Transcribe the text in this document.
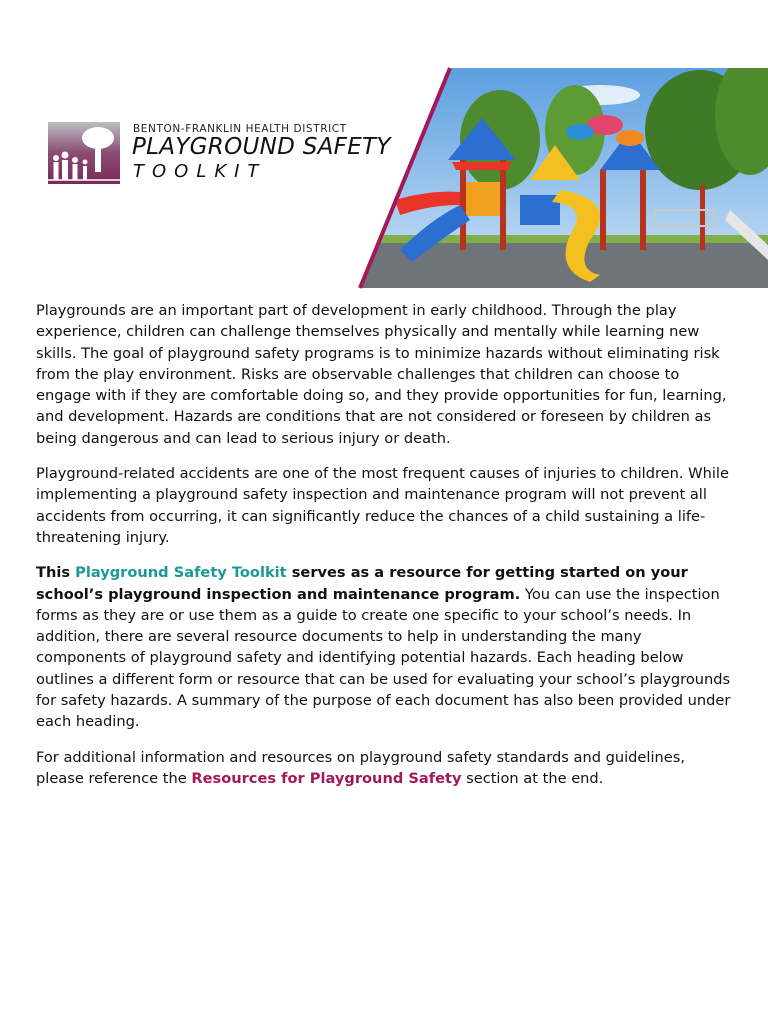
BENTON-FRANKLIN HEALTH DISTRICT
PLAYGROUND SAFETY
TOOLKIT

Playgrounds are an important part of development in early childhood. Through the play experience, children can challenge themselves physically and mentally while learning new skills. The goal of playground safety programs is to minimize hazards without eliminating risk from the play environment. Risks are observable challenges that children can choose to engage with if they are comfortable doing so, and they provide opportunities for fun, learning, and development. Hazards are conditions that are not considered or foreseen by children as being dangerous and can lead to serious injury or death.

Playground-related accidents are one of the most frequent causes of injuries to children. While implementing a playground safety inspection and maintenance program will not prevent all accidents from occurring, it can significantly reduce the chances of a child sustaining a life-threatening injury.

This Playground Safety Toolkit serves as a resource for getting started on your school’s playground inspection and maintenance program. You can use the inspection forms as they are or use them as a guide to create one specific to your school’s needs. In addition, there are several resource documents to help in understanding the many components of playground safety and identifying potential hazards. Each heading below outlines a different form or resource that can be used for evaluating your school’s playgrounds for safety hazards. A summary of the purpose of each document has also been provided under each heading.

For additional information and resources on playground safety standards and guidelines, please reference the Resources for Playground Safety section at the end.
